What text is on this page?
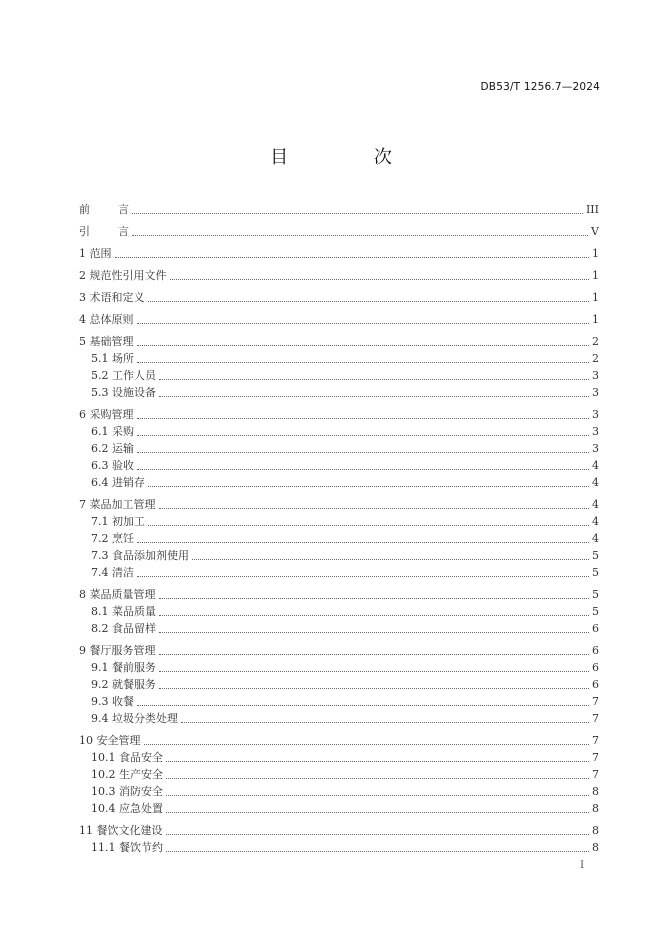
DB53/T 1256.7—2024
目 次
前        言	III
引        言	V
1 范围	1
2 规范性引用文件	1
3 术语和定义	1
4 总体原则	1
5 基础管理	2
5.1 场所	2
5.2 工作人员	3
5.3 设施设备	3
6 采购管理	3
6.1 采购	3
6.2 运输	3
6.3 验收	4
6.4 进销存	4
7 菜品加工管理	4
7.1 初加工	4
7.2 烹饪	4
7.3 食品添加剂使用	5
7.4 清洁	5
8 菜品质量管理	5
8.1 菜品质量	5
8.2 食品留样	6
9 餐厅服务管理	6
9.1 餐前服务	6
9.2 就餐服务	6
9.3 收餐	7
9.4 垃圾分类处理	7
10 安全管理	7
10.1 食品安全	7
10.2 生产安全	7
10.3 消防安全	8
10.4 应急处置	8
11 餐饮文化建设	8
11.1 餐饮节约	8
I
